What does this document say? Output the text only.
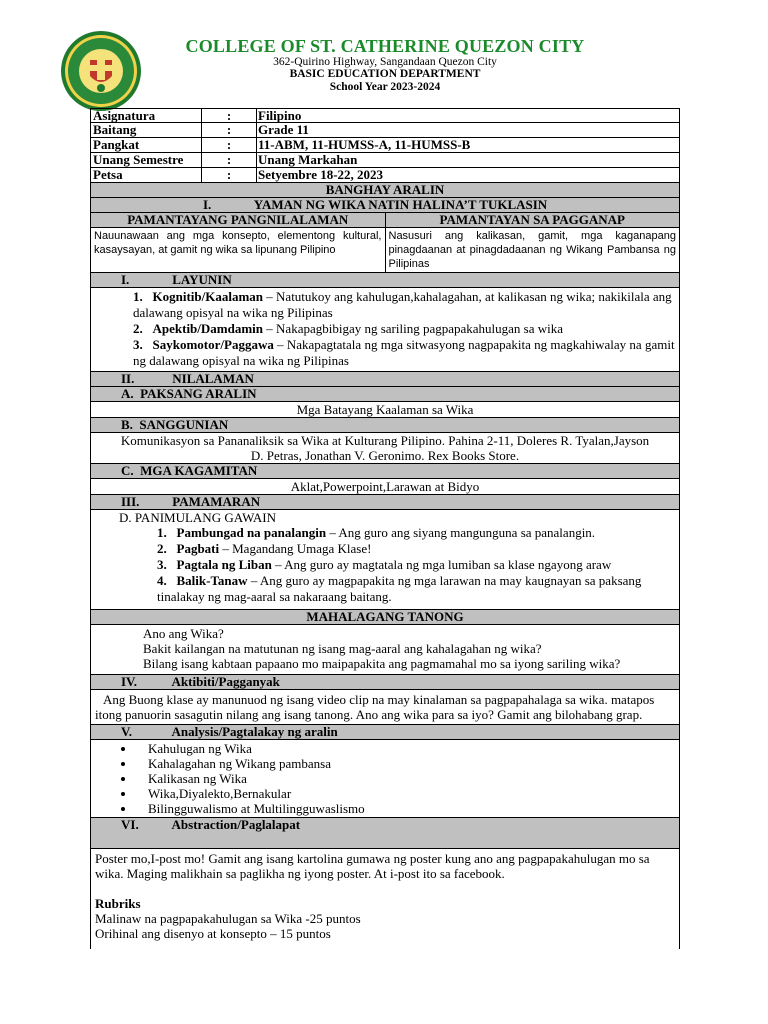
COLLEGE OF ST. CATHERINE QUEZON CITY
362-Quirino Highway, Sangandaan Quezon City
BASIC EDUCATION DEPARTMENT
School Year 2023-2024
Asignatura	:	Filipino
Baitang	:	Grade 11
Pangkat	:	11-ABM, 11-HUMSS-A, 11-HUMSS-B
Unang Semestre	:	Unang Markahan
Petsa	:	Setyembre 18-22, 2023
BANGHAY ARALIN
I.	YAMAN NG WIKA NATIN HALINA’T TUKLASIN
PAMANTAYANG PANGNILALAMAN	PAMANTAYAN SA PAGGANAP
Nauunawaan ang mga konsepto, elementong kultural, kasaysayan, at gamit ng wika sa lipunang Pilipino
Nasusuri ang kalikasan, gamit, mga kaganapang pinagdaanan at pinagdadaanan ng Wikang Pambansa ng Pilipinas
I.	LAYUNIN
1. Kognitib/Kaalaman – Natutukoy ang kahulugan,kahalagahan, at kalikasan ng wika; nakikilala ang dalawang opisyal na wika ng Pilipinas
2. Apektib/Damdamin – Nakapagbibigay ng sariling pagpapakahulugan sa wika
3. Saykomotor/Paggawa – Nakapagtatala ng mga sitwasyong nagpapakita ng magkahiwalay na gamit ng dalawang opisyal na wika ng Pilipinas
II.	NILALAMAN
A. PAKSANG ARALIN
Mga Batayang Kaalaman sa Wika
B. SANGGUNIAN
Komunikasyon sa Pananaliksik sa Wika at Kulturang Pilipino. Pahina 2-11, Doleres R. Tyalan,Jayson D. Petras, Jonathan V. Geronimo. Rex Books Store.
C. MGA KAGAMITAN
Aklat,Powerpoint,Larawan at Bidyo
III.	PAMAMARAN
D. PANIMULANG GAWAIN
1. Pambungad na panalangin – Ang guro ang siyang mangunguna sa panalangin.
2. Pagbati – Magandang Umaga Klase!
3. Pagtala ng Liban – Ang guro ay magtatala ng mga lumiban sa klase ngayong araw
4. Balik-Tanaw – Ang guro ay magpapakita ng mga larawan na may kaugnayan sa paksang tinalakay ng mag-aaral sa nakaraang baitang.
MAHALAGANG TANONG
Ano ang Wika?
Bakit kailangan na matutunan ng isang mag-aaral ang kahalagahan ng wika?
Bilang isang kabtaan papaano mo maipapakita ang pagmamahal mo sa iyong sariling wika?
IV.	Aktibiti/Pagganyak
Ang Buong klase ay manunuod ng isang video clip na may kinalaman sa pagpapahalaga sa wika. matapos itong panuorin sasagutin nilang ang isang tanong. Ano ang wika para sa iyo? Gamit ang bilohabang grap.
V.	Analysis/Pagtalakay ng aralin
• Kahulugan ng Wika
• Kahalagahan ng Wikang pambansa
• Kalikasan ng Wika
• Wika,Diyalekto,Bernakular
• Bilingguwalismo at Multilingguwaslismo
VI.	Abstraction/Paglalapat
Poster mo,I-post mo! Gamit ang isang kartolina gumawa ng poster kung ano ang pagpapakahulugan mo sa wika. Maging malikhain sa paglikha ng iyong poster. At i-post ito sa facebook.
Rubriks
Malinaw na pagpapakahulugan sa Wika -25 puntos
Orihinal ang disenyo at konsepto – 15 puntos
